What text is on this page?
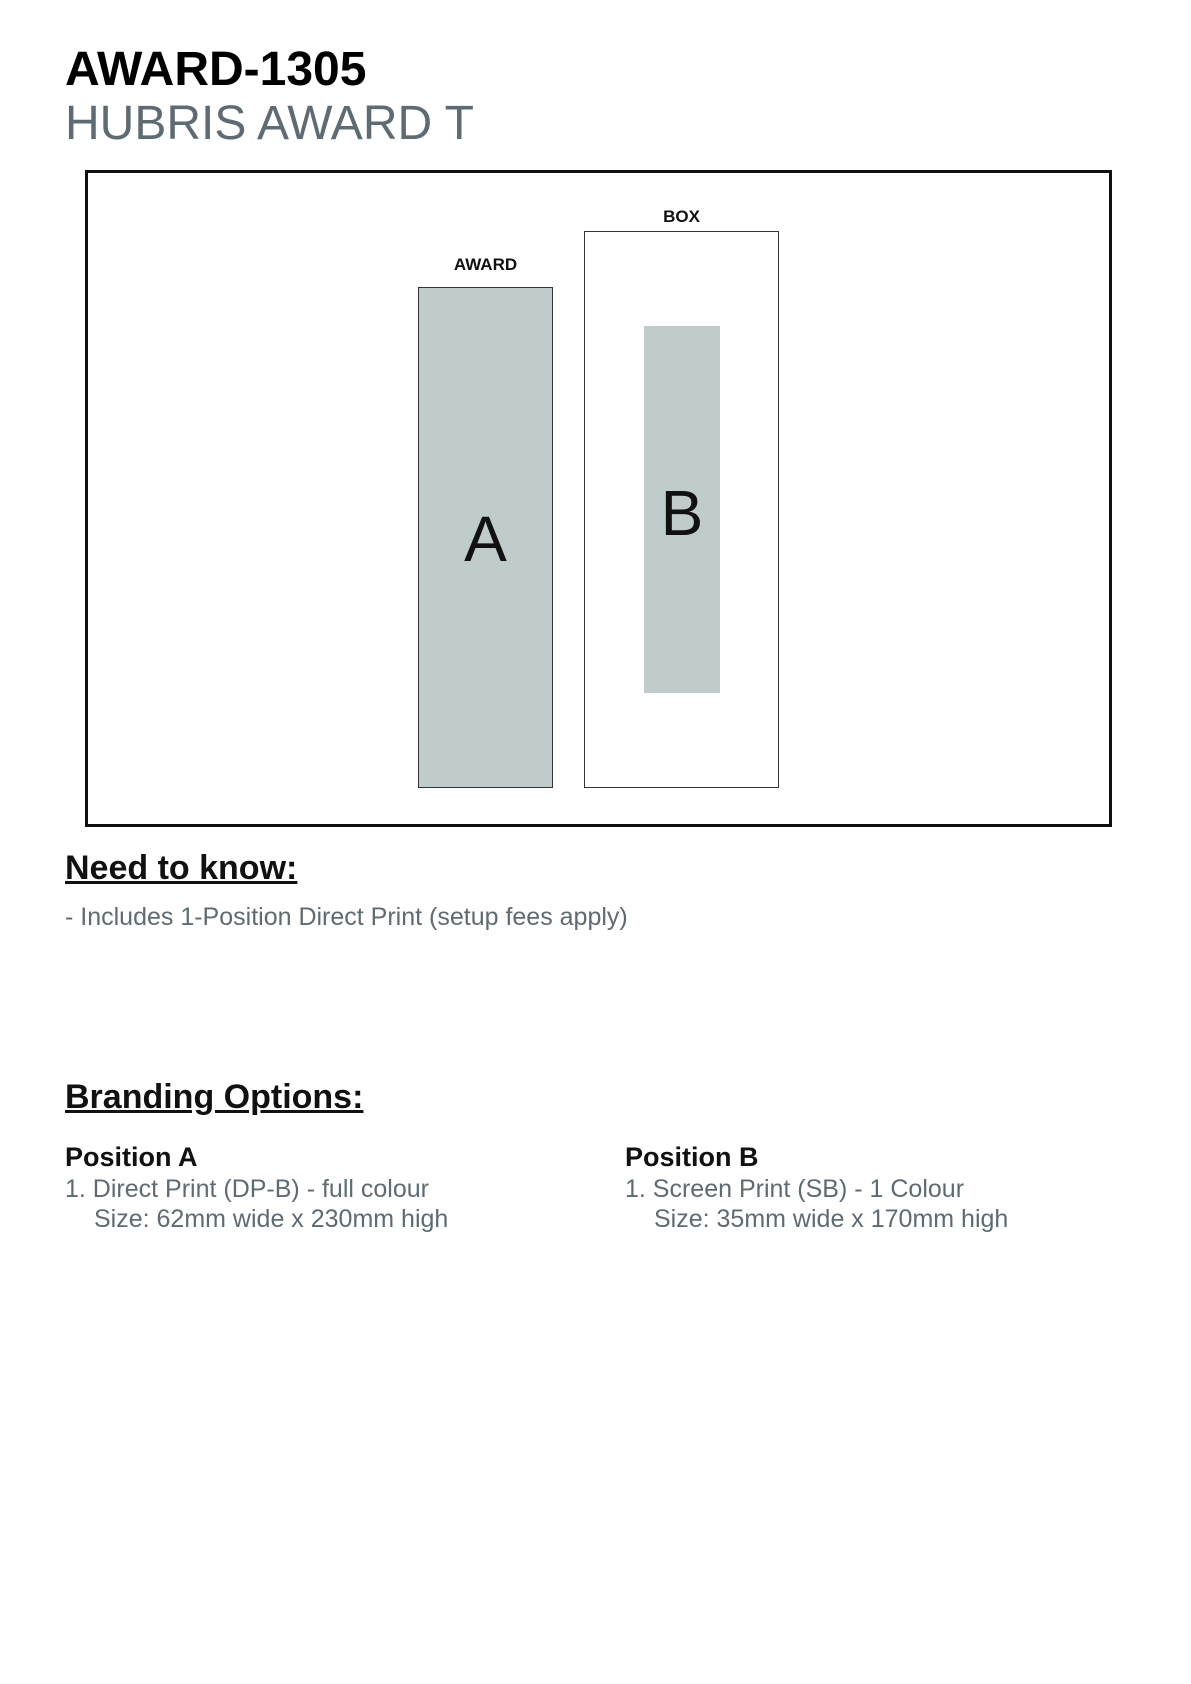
AWARD-1305
HUBRIS AWARD T
AWARD
BOX
A	B
Need to know:
- Includes 1-Position Direct Print (setup fees apply)
Branding Options:
Position A
1. Direct Print (DP-B) - full colour
Size: 62mm wide x 230mm high
Position B
1. Screen Print (SB) - 1 Colour
Size: 35mm wide x 170mm high
